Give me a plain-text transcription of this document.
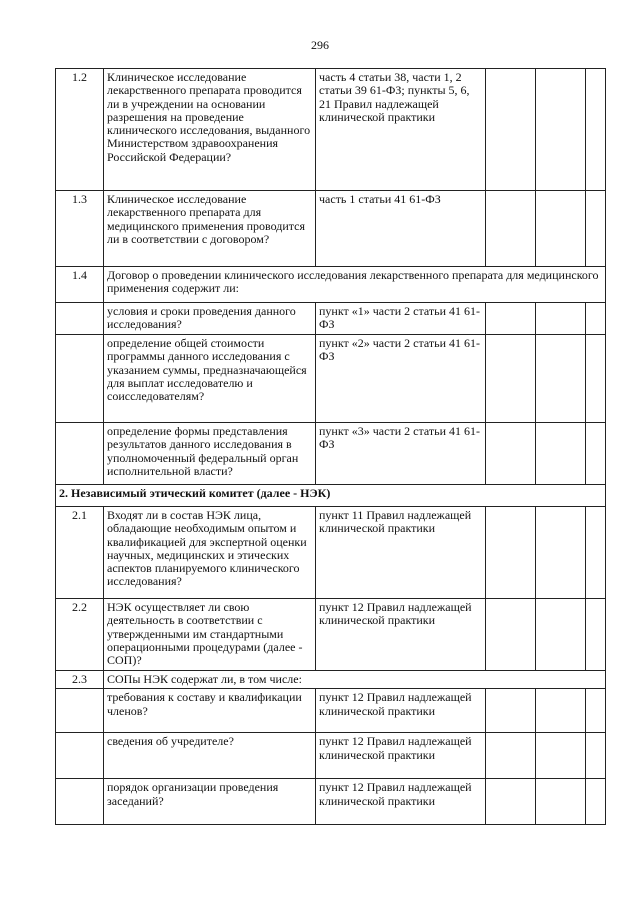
296
1.2	Клиническое исследование лекарственного препарата проводится ли в учреждении на основании разрешения на проведение клинического исследования, выданного Министерством здравоохранения Российской Федерации?	часть 4 статьи 38, части 1, 2 статьи 39 61-ФЗ; пункты 5, 6, 21 Правил надлежащей клинической практики			
1.3	Клиническое исследование лекарственного препарата для медицинского применения проводится ли в соответствии с договором?	часть 1 статьи 41 61-ФЗ			
1.4	Договор о проведении клинического исследования лекарственного препарата для медицинского применения содержит ли:				
	условия и сроки проведения данного исследования?	пункт «1» части 2 статьи 41 61-ФЗ			
	определение общей стоимости программы данного исследования с указанием суммы, предназначающейся для выплат исследователю и соисследователям?	пункт «2» части 2 статьи 41 61-ФЗ			
	определение формы представления результатов данного исследования в уполномоченный федеральный орган исполнительной власти?	пункт «3» части 2 статьи 41 61-ФЗ			
2. Независимый этический комитет (далее - НЭК)					
2.1	Входят ли в состав НЭК лица, обладающие необходимым опытом и квалификацией для экспертной оценки научных, медицинских и этических аспектов планируемого клинического исследования?	пункт 11 Правил надлежащей клинической практики			
2.2	НЭК осуществляет ли свою деятельность в соответствии с утвержденными им стандартными операционными процедурами (далее - СОП)?	пункт 12 Правил надлежащей клинической практики			
2.3	СОПы НЭК содержат ли, в том числе:				
	требования к составу и квалификации членов?	пункт 12 Правил надлежащей клинической практики			
	сведения об учредителе?	пункт 12 Правил надлежащей клинической практики			
	порядок организации проведения заседаний?	пункт 12 Правил надлежащей клинической практики			
